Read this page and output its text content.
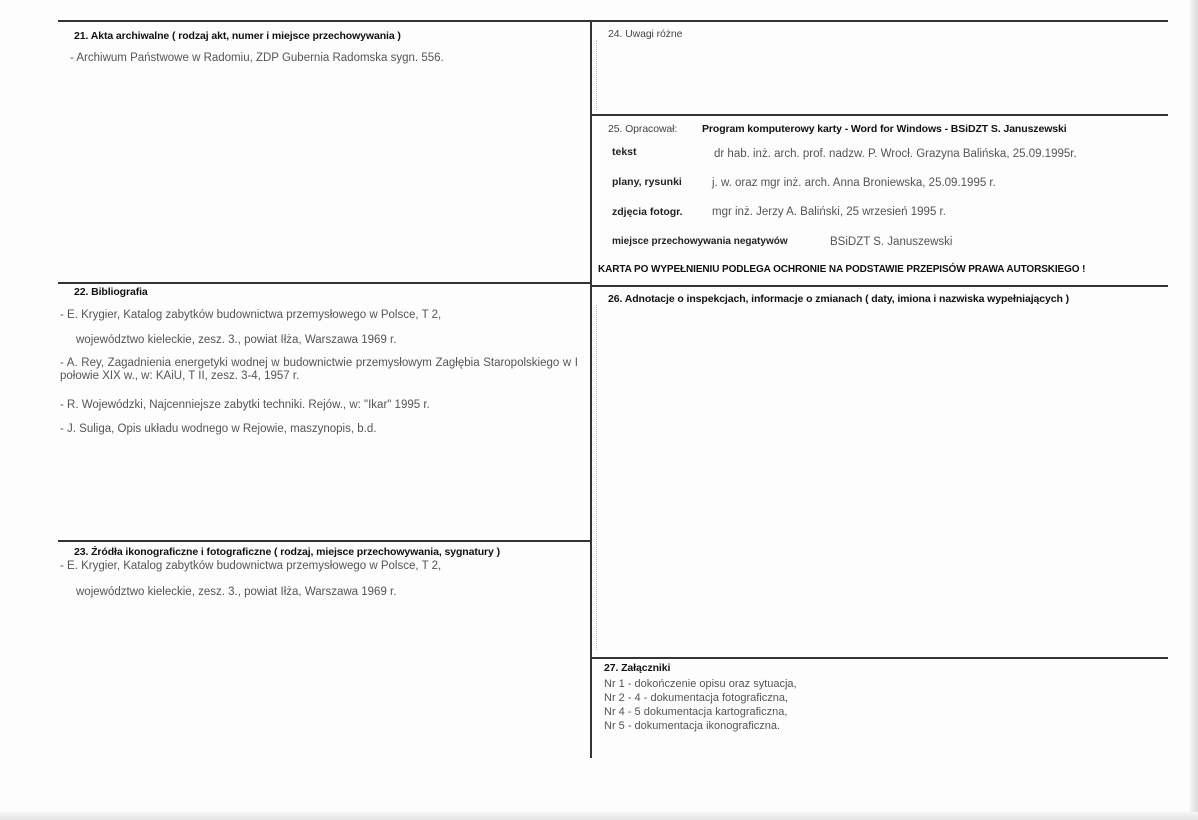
21. Akta archiwalne ( rodzaj akt, numer i miejsce przechowywania )
- Archiwum Państwowe w Radomiu, ZDP Gubernia Radomska sygn. 556.
22. Bibliografia
- E. Krygier, Katalog zabytków budownictwa przemysłowego w Polsce, T 2,
województwo kieleckie, zesz. 3., powiat Iłża, Warszawa 1969 r.
- A. Rey, Zagadnienia energetyki wodnej w budownictwie przemysłowym Zagłębia Staropolskiego w I połowie XIX w., w: KAiU, T II, zesz. 3-4, 1957 r.
- R. Wojewódzki, Najcenniejsze zabytki techniki. Rejów., w: "Ikar" 1995 r.
- J. Suliga, Opis układu wodnego w Rejowie, maszynopis, b.d.
23. Źródła ikonograficzne i fotograficzne ( rodzaj, miejsce przechowywania, sygnatury )
- E. Krygier, Katalog zabytków budownictwa przemysłowego w Polsce, T 2,
województwo kieleckie, zesz. 3., powiat Iłża, Warszawa 1969 r.
24. Uwagi różne
25. Opracował: Program komputerowy karty - Word for Windows - BSiDZT S. Januszewski
tekst	dr hab. inż. arch. prof. nadzw. P. Wrocł. Grazyna Balińska, 25.09.1995r.
plany, rysunki	j. w. oraz mgr inż. arch. Anna Broniewska, 25.09.1995 r.
zdjęcia fotogr.	mgr inż. Jerzy A. Baliński, 25 wrzesień 1995 r.
miejsce przechowywania negatywów	BSiDZT S. Januszewski
KARTA PO WYPEŁNIENIU PODLEGA OCHRONIE NA PODSTAWIE PRZEPISÓW PRAWA AUTORSKIEGO !
26. Adnotacje o inspekcjach, informacje o zmianach ( daty, imiona i nazwiska wypełniających )
27. Załączniki
Nr 1 - dokończenie opisu oraz sytuacja,
Nr 2 - 4 - dokumentacja fotograficzna,
Nr 4 - 5 dokumentacja kartograficzna,
Nr 5 - dokumentacja ikonograficzna.
